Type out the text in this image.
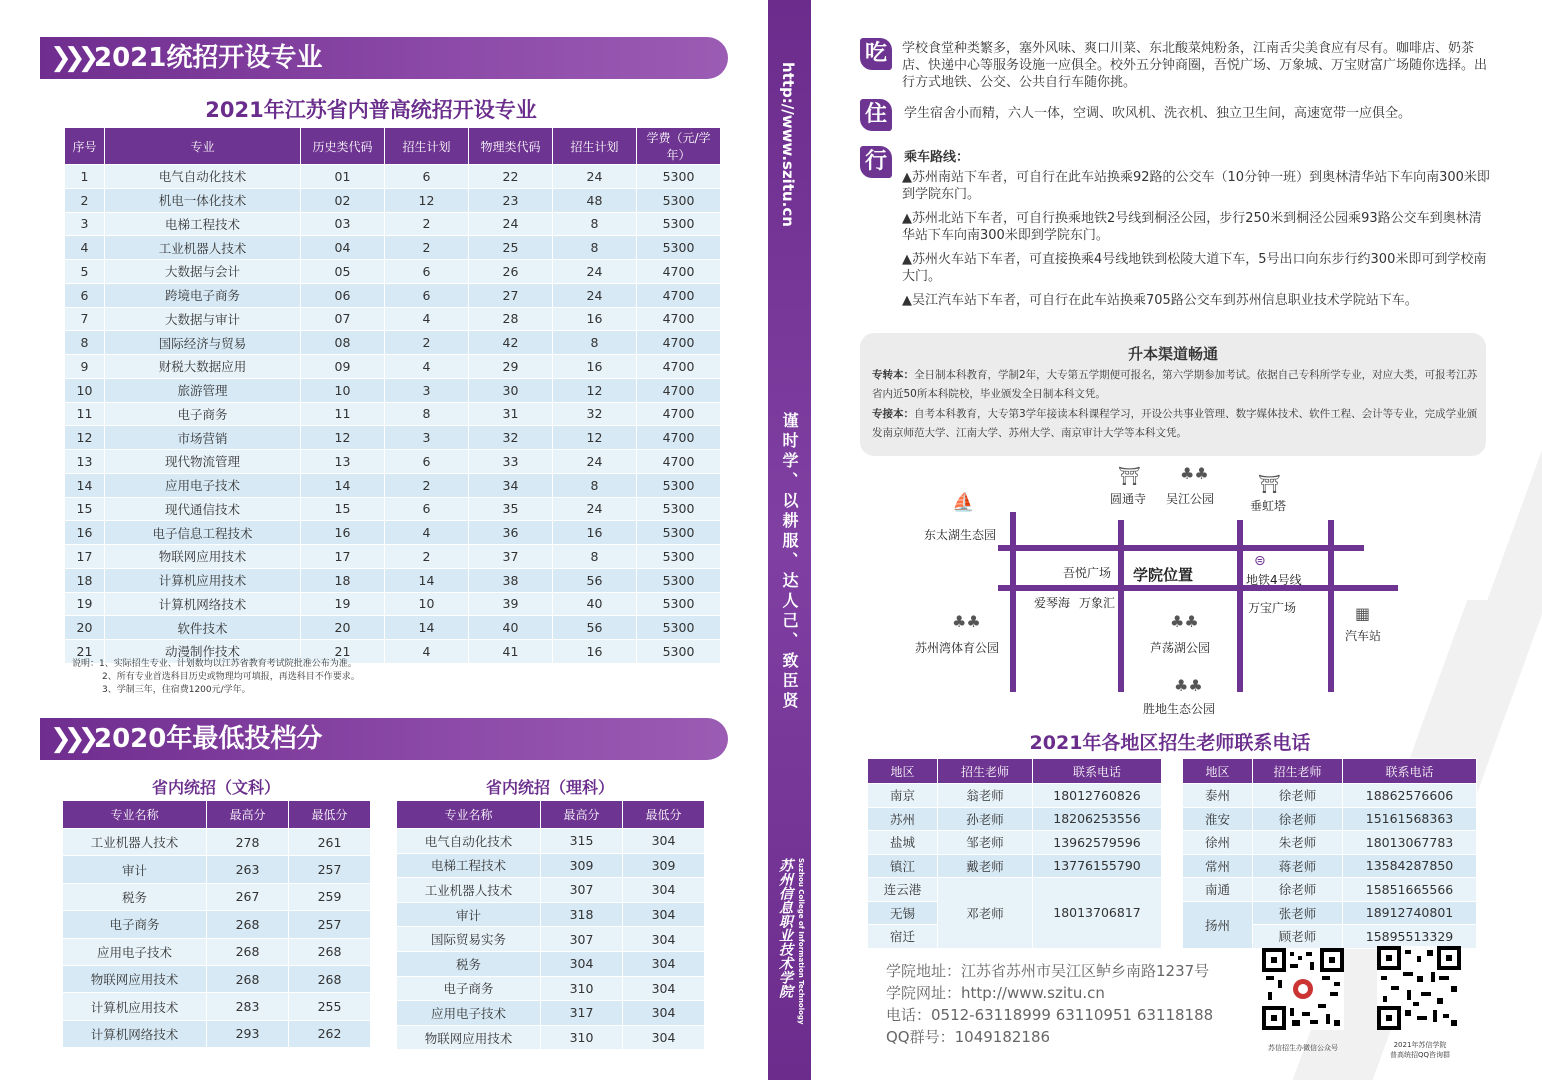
❯❯❯ 2021统招开设专业
2021年江苏省内普高统招开设专业
序号	专业	历史类代码	招生计划	物理类代码	招生计划	学费（元/学年）
1	电气自动化技术	01	6	22	24	5300
2	机电一体化技术	02	12	23	48	5300
3	电梯工程技术	03	2	24	8	5300
4	工业机器人技术	04	2	25	8	5300
5	大数据与会计	05	6	26	24	4700
6	跨境电子商务	06	6	27	24	4700
7	大数据与审计	07	4	28	16	4700
8	国际经济与贸易	08	2	42	8	4700
9	财税大数据应用	09	4	29	16	4700
10	旅游管理	10	3	30	12	4700
11	电子商务	11	8	31	32	4700
12	市场营销	12	3	32	12	4700
13	现代物流管理	13	6	33	24	4700
14	应用电子技术	14	2	34	8	5300
15	现代通信技术	15	6	35	24	5300
16	电子信息工程技术	16	4	36	16	5300
17	物联网应用技术	17	2	37	8	5300
18	计算机应用技术	18	14	38	56	5300
19	计算机网络技术	19	10	39	40	5300
20	软件技术	20	14	40	56	5300
21	动漫制作技术	21	4	41	16	5300
说明：1、实际招生专业、计划数均以江苏省教育考试院批准公布为准。
2、所有专业首选科目历史或物理均可填报，再选科目不作要求。
3、学制三年，住宿费1200元/学年。
❯❯❯ 2020年最低投档分
省内统招（文科）	省内统招（理科）
专业名称	最高分	最低分
工业机器人技术	278	261
审计	263	257
税务	267	259
电子商务	268	257
应用电子技术	268	268
物联网应用技术	268	268
计算机应用技术	283	255
计算机网络技术	293	262
专业名称	最高分	最低分
电气自动化技术	315	304
电梯工程技术	309	309
工业机器人技术	307	304
审计	318	304
国际贸易实务	307	304
税务	304	304
电子商务	310	304
应用电子技术	317	304
物联网应用技术	310	304
http://www.szitu.cn
谨时学、以耕服、达人己、致臣贤
苏州信息职业技术学院 Suzhou College of Information Technology
吃	学校食堂种类繁多，塞外风味、爽口川菜、东北酸菜炖粉条，江南舌尖美食应有尽有。咖啡店、奶茶店、快递中心等服务设施一应俱全。校外五分钟商圈，吾悦广场、万象城、万宝财富广场随你选择。出行方式地铁、公交、公共自行车随你挑。
住	学生宿舍小而精，六人一体，空调、吹风机、洗衣机、独立卫生间，高速宽带一应俱全。
行	乘车路线：
▲苏州南站下车者，可自行在此车站换乘92路的公交车（10分钟一班）到奥林清华站下车向南300米即到学院东门。
▲苏州北站下车者，可自行换乘地铁2号线到桐泾公园，步行250米到桐泾公园乘93路公交车到奥林清华站下车向南300米即到学院东门。
▲苏州火车站下车者，可直接换乘4号线地铁到松陵大道下车，5号出口向东步行约300米即可到学校南大门。
▲吴江汽车站下车者，可自行在此车站换乘705路公交车到苏州信息职业技术学院站下车。
升本渠道畅通
专转本：全日制本科教育，学制2年，大专第五学期便可报名，第六学期参加考试。依据自己专科所学专业，对应大类，可报考江苏省内近50所本科院校，毕业颁发全日制本科文凭。
专接本：自考本科教育，大专第3学年接读本科课程学习，开设公共事业管理、数字媒体技术、软件工程、会计等专业，完成学业颁发南京师范大学、江南大学、苏州大学、南京审计大学等本科文凭。
圆通寺 吴江公园	垂虹塔
东太湖生态园
吾悦广场 学院位置	地铁4号线
爱琴海 万象汇	万宝广场
汽车站
苏州湾体育公园	芦荡湖公园
胜地生态公园
⛩ ♣♣
⛩
⛵
⊜
▦
♣♣	♣♣
♣♣
2021年各地区招生老师联系电话
地区	招生老师	联系电话
南京	翁老师	18012760826
苏州	孙老师	18206253556
盐城	邹老师	13962579596
镇江	戴老师	13776155790
连云港	邓老师	18013706817
无锡		
宿迁		
地区	招生老师	联系电话
泰州	徐老师	18862576606
淮安	徐老师	15161568363
徐州	朱老师	18013067783
常州	蒋老师	13584287850
南通	徐老师	15851665566
扬州	张老师	18912740801
	顾老师	15895513329
学院地址：江苏省苏州市吴江区鲈乡南路1237号
学院网址：http://www.szitu.cn
电话：0512-63118999 63110951 63118188
QQ群号：1049182186
苏信招生办微信公众号	2021年苏信学院
普高统招QQ咨询群
